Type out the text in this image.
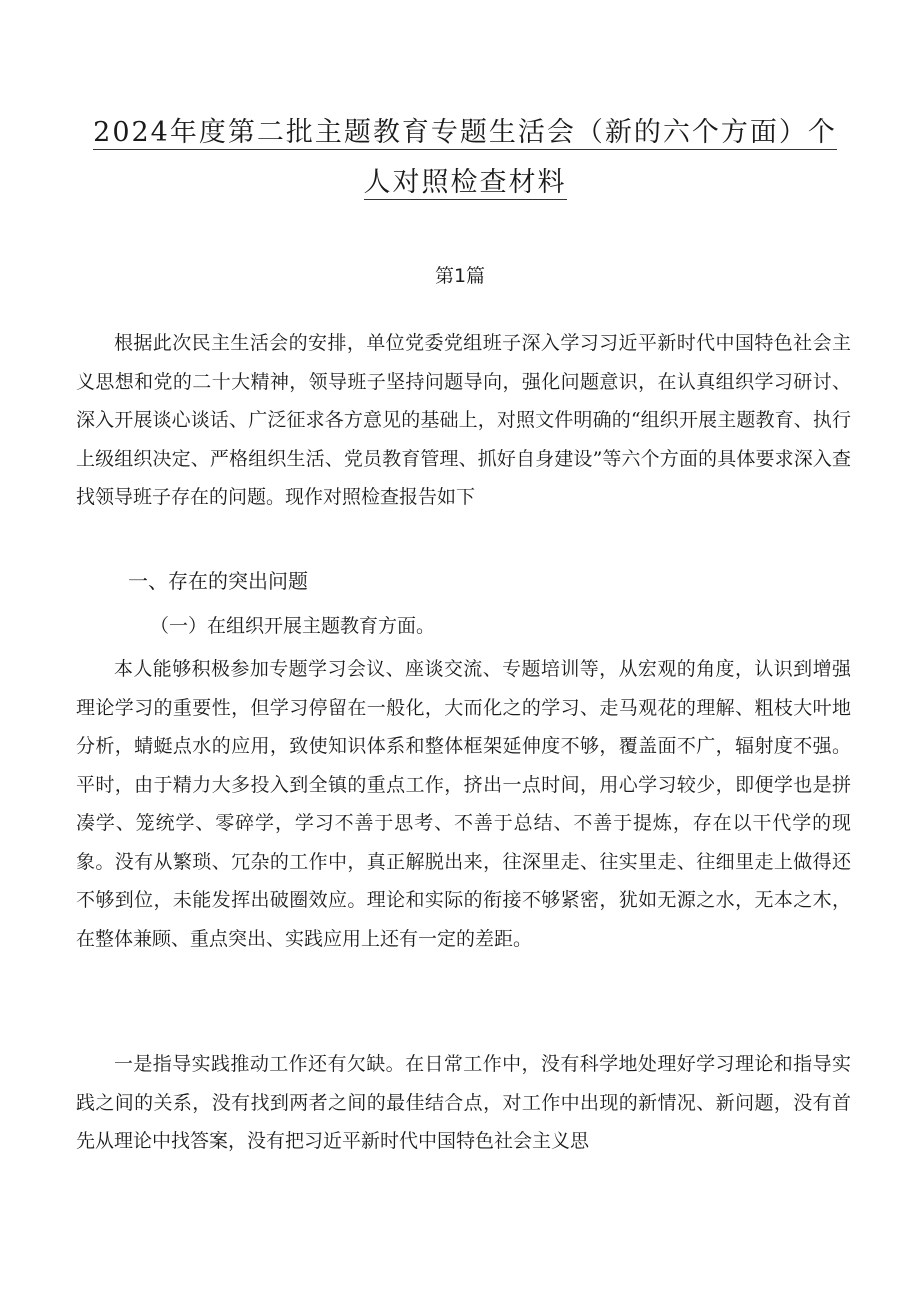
2024年度第二批主题教育专题生活会（新的六个方面）个
人对照检查材料
第1篇

根据此次民主生活会的安排，单位党委党组班子深入学习习近平新时代中国特色社会主义思想和党的二十大精神，领导班子坚持问题导向，强化问题意识，在认真组织学习研讨、深入开展谈心谈话、广泛征求各方意见的基础上，对照文件明确的“组织开展主题教育、执行上级组织决定、严格组织生活、党员教育管理、抓好自身建设”等六个方面的具体要求深入查找领导班子存在的问题。现作对照检查报告如下

一、存在的突出问题
（一）在组织开展主题教育方面。

本人能够积极参加专题学习会议、座谈交流、专题培训等，从宏观的角度，认识到增强理论学习的重要性，但学习停留在一般化，大而化之的学习、走马观花的理解、粗枝大叶地分析，蜻蜓点水的应用，致使知识体系和整体框架延伸度不够，覆盖面不广，辐射度不强。平时，由于精力大多投入到全镇的重点工作，挤出一点时间，用心学习较少，即便学也是拼凑学、笼统学、零碎学，学习不善于思考、不善于总结、不善于提炼，存在以干代学的现象。没有从繁琐、冗杂的工作中，真正解脱出来，往深里走、往实里走、往细里走上做得还不够到位，未能发挥出破圈效应。理论和实际的衔接不够紧密，犹如无源之水，无本之木，在整体兼顾、重点突出、实践应用上还有一定的差距。

一是指导实践推动工作还有欠缺。在日常工作中，没有科学地处理好学习理论和指导实践之间的关系，没有找到两者之间的最佳结合点，对工作中出现的新情况、新问题，没有首先从理论中找答案，没有把习近平新时代中国特色社会主义思
